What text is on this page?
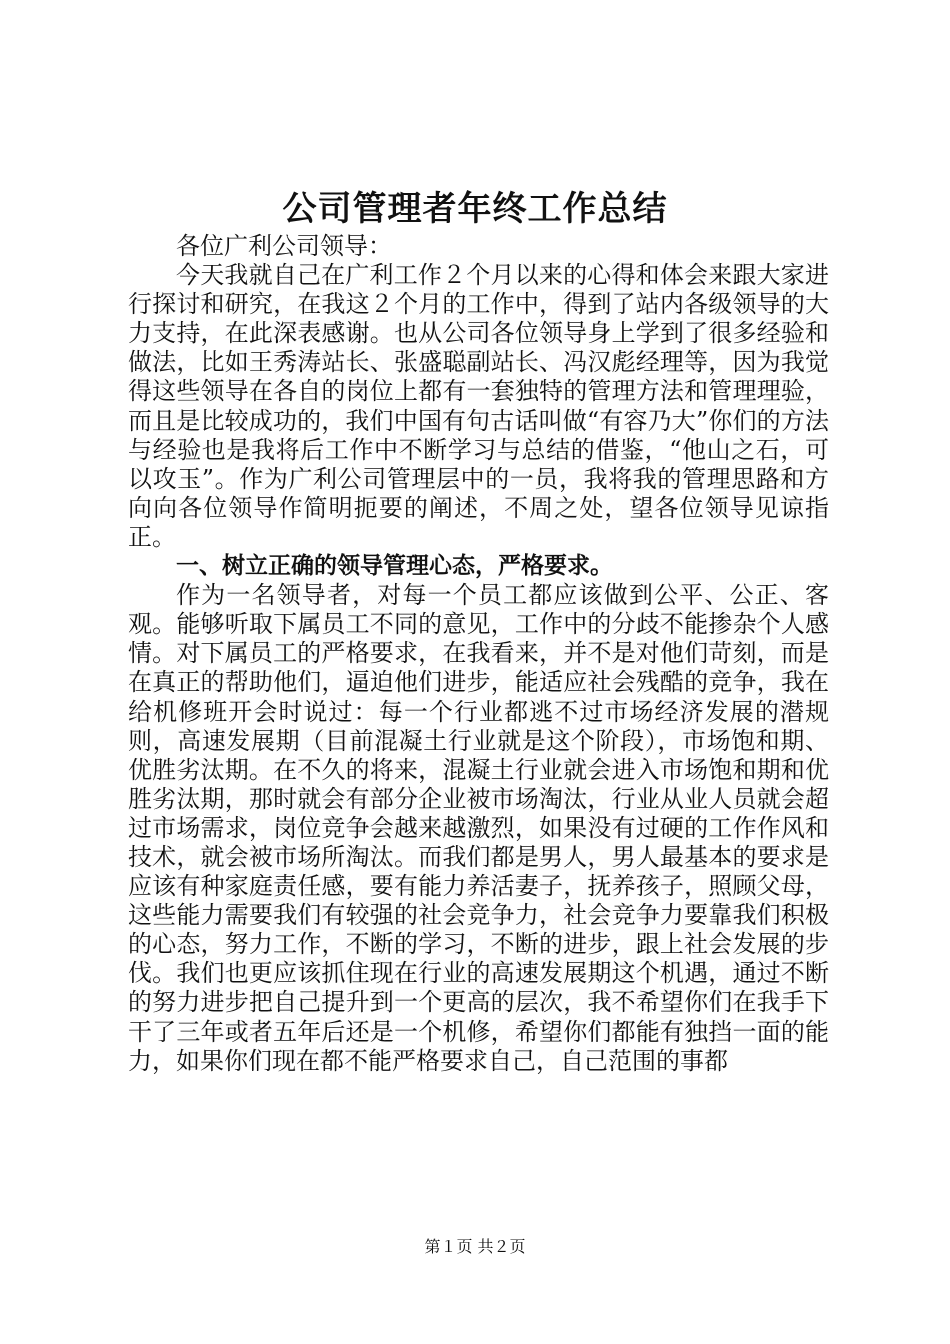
公司管理者年终工作总结

各位广利公司领导：

今天我就自己在广利工作２个月以来的心得和体会来跟大家进行探讨和研究，在我这２个月的工作中，得到了站内各级领导的大力支持，在此深表感谢。也从公司各位领导身上学到了很多经验和做法，比如王秀涛站长、张盛聪副站长、冯汉彪经理等，因为我觉得这些领导在各自的岗位上都有一套独特的管理方法和管理理验，而且是比较成功的，我们中国有句古话叫做“有容乃大”你们的方法与经验也是我将后工作中不断学习与总结的借鉴，“他山之石，可以攻玉”。作为广利公司管理层中的一员，我将我的管理思路和方向向各位领导作简明扼要的阐述，不周之处，望各位领导见谅指正。

一、树立正确的领导管理心态，严格要求。

作为一名领导者，对每一个员工都应该做到公平、公正、客观。能够听取下属员工不同的意见，工作中的分歧不能掺杂个人感情。对下属员工的严格要求，在我看来，并不是对他们苛刻，而是在真正的帮助他们，逼迫他们进步，能适应社会残酷的竞争，我在给机修班开会时说过：每一个行业都逃不过市场经济发展的潜规则，高速发展期（目前混凝土行业就是这个阶段），市场饱和期、优胜劣汰期。在不久的将来，混凝土行业就会进入市场饱和期和优胜劣汰期，那时就会有部分企业被市场淘汰，行业从业人员就会超过市场需求，岗位竞争会越来越激烈，如果没有过硬的工作作风和技术，就会被市场所淘汰。而我们都是男人，男人最基本的要求是应该有种家庭责任感，要有能力养活妻子，抚养孩子，照顾父母，这些能力需要我们有较强的社会竞争力，社会竞争力要靠我们积极的心态，努力工作，不断的学习，不断的进步，跟上社会发展的步伐。我们也更应该抓住现在行业的高速发展期这个机遇，通过不断的努力进步把自己提升到一个更高的层次，我不希望你们在我手下干了三年或者五年后还是一个机修，希望你们都能有独挡一面的能力，如果你们现在都不能严格要求自己，自己范围的事都

第１页 共２页
